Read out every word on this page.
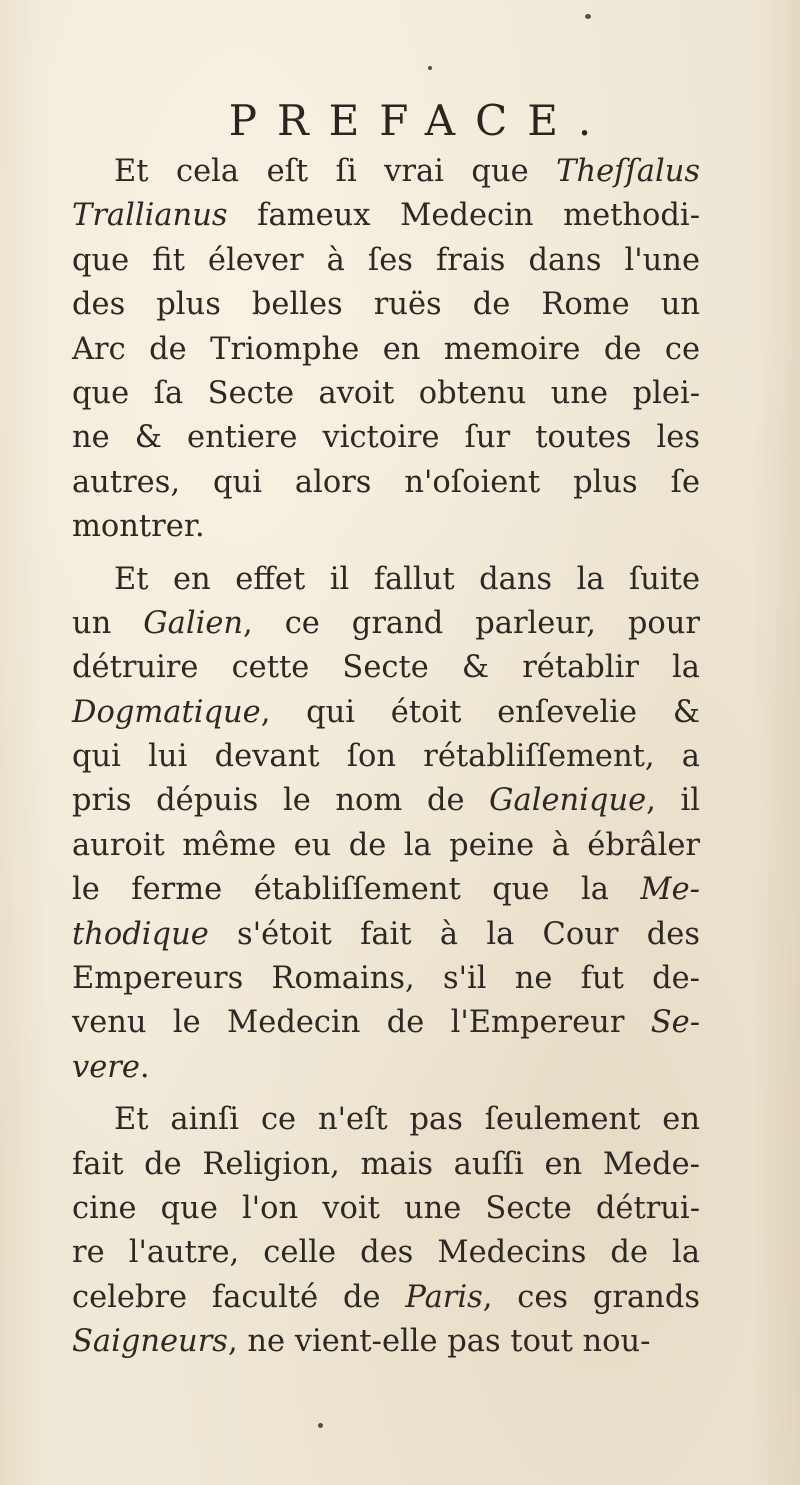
PREFACE.

Et cela eſt ſi vrai que Theſſalus
Trallianus fameux Medecin methodi-
que fit élever à ſes frais dans l'une
des plus belles ruës de Rome un
Arc de Triomphe en memoire de ce
que ſa Secte avoit obtenu une plei-
ne & entiere victoire ſur toutes les
autres, qui alors n'oſoient plus ſe
montrer.

Et en effet il fallut dans la ſuite
un Galien, ce grand parleur, pour
détruire cette Secte & rétablir la
Dogmatique, qui étoit enſevelie &
qui lui devant ſon rétabliſſement, a
pris dépuis le nom de Galenique, il
auroit même eu de la peine à ébrâler
le ferme établiſſement que la Me-
thodique s'étoit fait à la Cour des
Empereurs Romains, s'il ne fut de-
venu le Medecin de l'Empereur Se-
vere.

Et ainſi ce n'eſt pas ſeulement en
fait de Religion, mais auſſi en Mede-
cine que l'on voit une Secte détrui-
re l'autre, celle des Medecins de la
celebre faculté de Paris, ces grands
Saigneurs, ne vient-elle pas tout nou-
